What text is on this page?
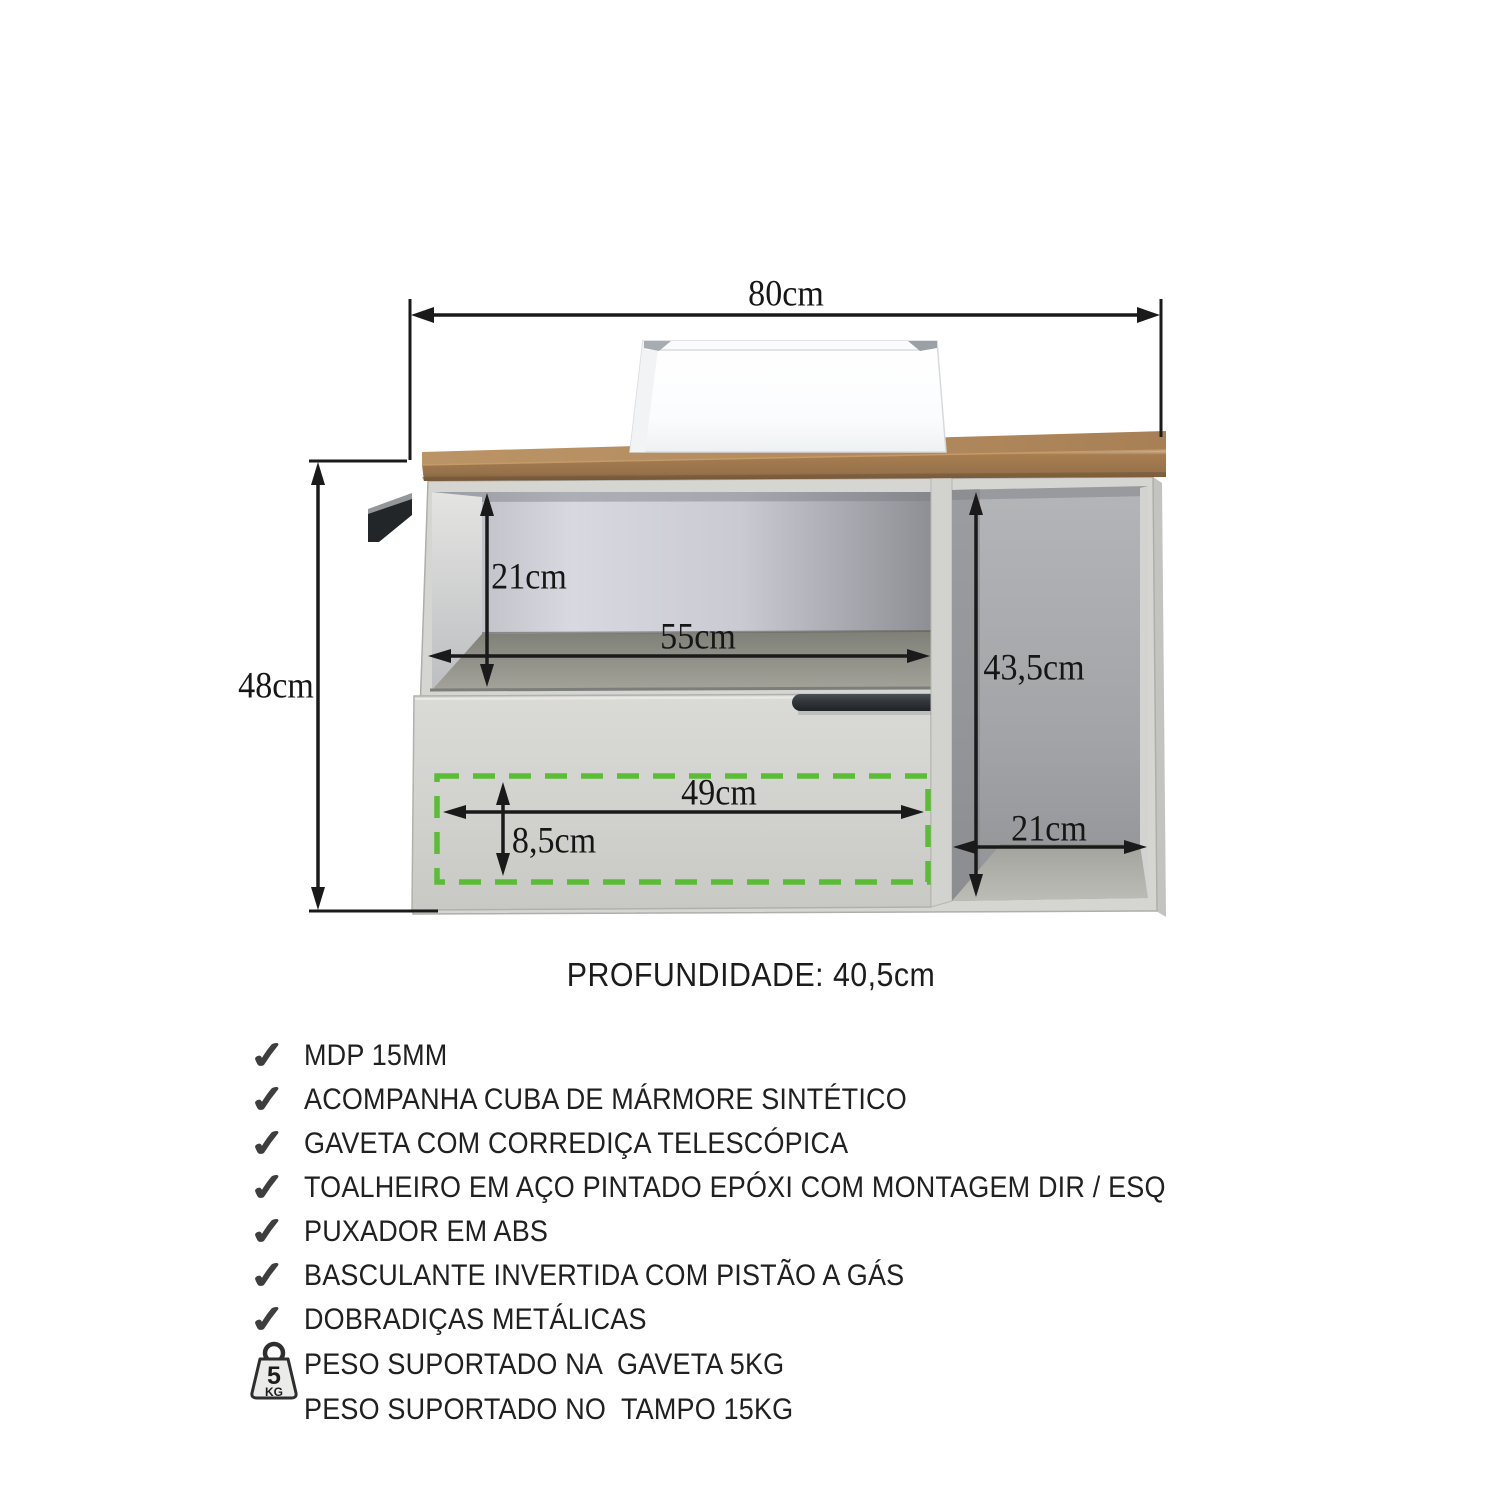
80cm
48cm
21cm
55cm
43,5cm
21cm
49cm
8,5cm
PROFUNDIDADE: 40,5cm
✓ MDP 15MM
✓ ACOMPANHA CUBA DE MÁRMORE SINTÉTICO
✓ GAVETA COM CORREDIÇA TELESCÓPICA
✓ TOALHEIRO EM AÇO PINTADO EPÓXI COM MONTAGEM DIR / ESQ
✓ PUXADOR EM ABS
✓ BASCULANTE INVERTIDA COM PISTÃO A GÁS
✓ DOBRADIÇAS METÁLICAS
PESO SUPORTADO NA  GAVETA 5KG
PESO SUPORTADO NO  TAMPO 15KG
5
KG
